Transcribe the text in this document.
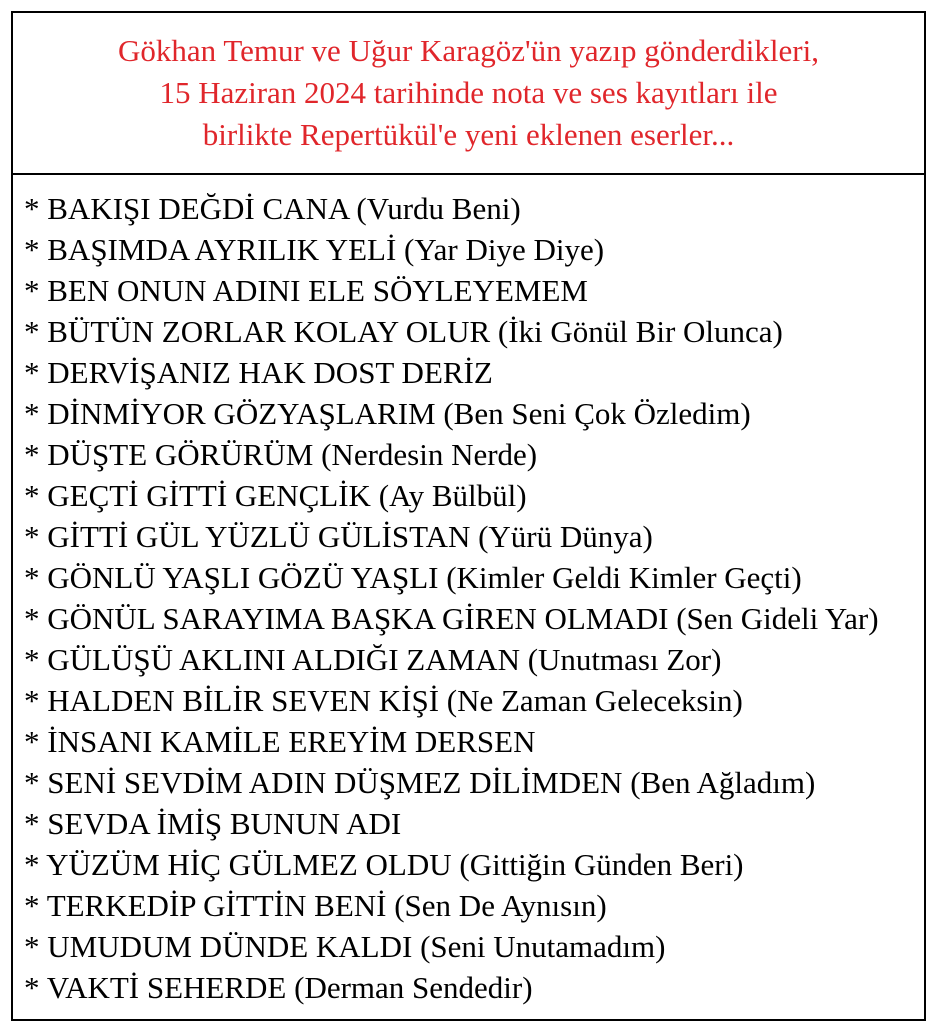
Gökhan Temur ve Uğur Karagöz'ün yazıp gönderdikleri,
15 Haziran 2024 tarihinde nota ve ses kayıtları ile
birlikte Repertükül'e yeni eklenen eserler...
* BAKIŞI DEĞDİ CANA (Vurdu Beni)
* BAŞIMDA AYRILIK YELİ (Yar Diye Diye)
* BEN ONUN ADINI ELE SÖYLEYEMEM
* BÜTÜN ZORLAR KOLAY OLUR (İki Gönül Bir Olunca)
* DERVİŞANIZ HAK DOST DERİZ
* DİNMİYOR GÖZYAŞLARIM (Ben Seni Çok Özledim)
* DÜŞTE GÖRÜRÜM (Nerdesin Nerde)
* GEÇTİ GİTTİ GENÇLİK (Ay Bülbül)
* GİTTİ GÜL YÜZLÜ GÜLİSTAN (Yürü Dünya)
* GÖNLÜ YAŞLI GÖZÜ YAŞLI (Kimler Geldi Kimler Geçti)
* GÖNÜL SARAYIMA BAŞKA GİREN OLMADI (Sen Gideli Yar)
* GÜLÜŞÜ AKLINI ALDIĞI ZAMAN (Unutması Zor)
* HALDEN BİLİR SEVEN KİŞİ (Ne Zaman Geleceksin)
* İNSANI KAMİLE EREYİM DERSEN
* SENİ SEVDİM ADIN DÜŞMEZ DİLİMDEN (Ben Ağladım)
* SEVDA İMİŞ BUNUN ADI
* YÜZÜM HİÇ GÜLMEZ OLDU (Gittiğin Günden Beri)
* TERKEDİP GİTTİN BENİ (Sen De Aynısın)
* UMUDUM DÜNDE KALDI (Seni Unutamadım)
* VAKTİ SEHERDE (Derman Sendedir)
